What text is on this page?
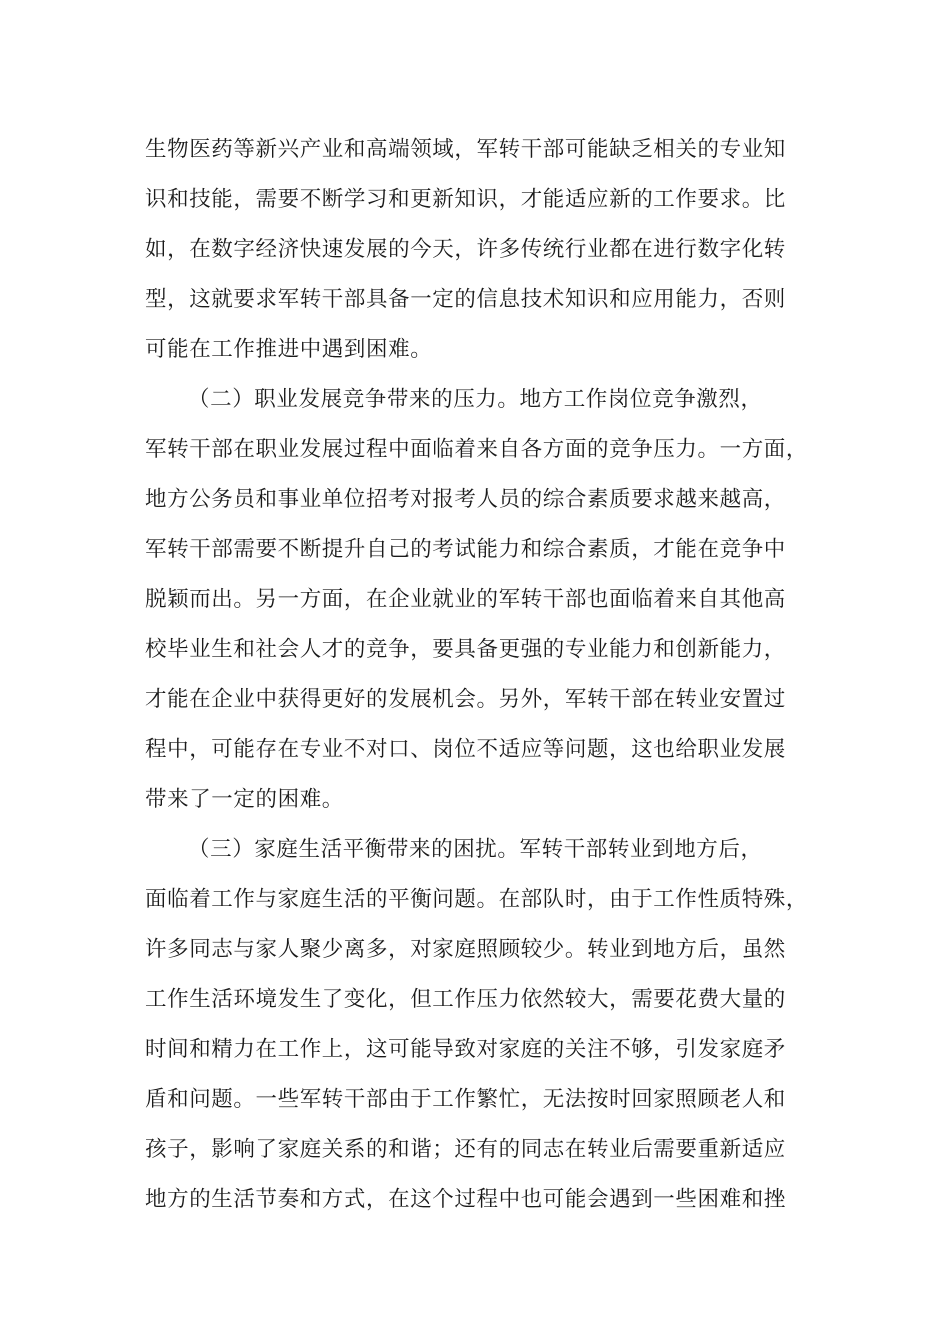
生物医药等新兴产业和高端领域，军转干部可能缺乏相关的专业知
识和技能，需要不断学习和更新知识，才能适应新的工作要求。比
如，在数字经济快速发展的今天，许多传统行业都在进行数字化转
型，这就要求军转干部具备一定的信息技术知识和应用能力，否则
可能在工作推进中遇到困难。
（二）职业发展竞争带来的压力。地方工作岗位竞争激烈，
军转干部在职业发展过程中面临着来自各方面的竞争压力。一方面，
地方公务员和事业单位招考对报考人员的综合素质要求越来越高，
军转干部需要不断提升自己的考试能力和综合素质，才能在竞争中
脱颖而出。另一方面，在企业就业的军转干部也面临着来自其他高
校毕业生和社会人才的竞争，要具备更强的专业能力和创新能力，
才能在企业中获得更好的发展机会。另外，军转干部在转业安置过
程中，可能存在专业不对口、岗位不适应等问题，这也给职业发展
带来了一定的困难。
（三）家庭生活平衡带来的困扰。军转干部转业到地方后，
面临着工作与家庭生活的平衡问题。在部队时，由于工作性质特殊，
许多同志与家人聚少离多，对家庭照顾较少。转业到地方后，虽然
工作生活环境发生了变化，但工作压力依然较大，需要花费大量的
时间和精力在工作上，这可能导致对家庭的关注不够，引发家庭矛
盾和问题。一些军转干部由于工作繁忙，无法按时回家照顾老人和
孩子，影响了家庭关系的和谐；还有的同志在转业后需要重新适应
地方的生活节奏和方式，在这个过程中也可能会遇到一些困难和挫
